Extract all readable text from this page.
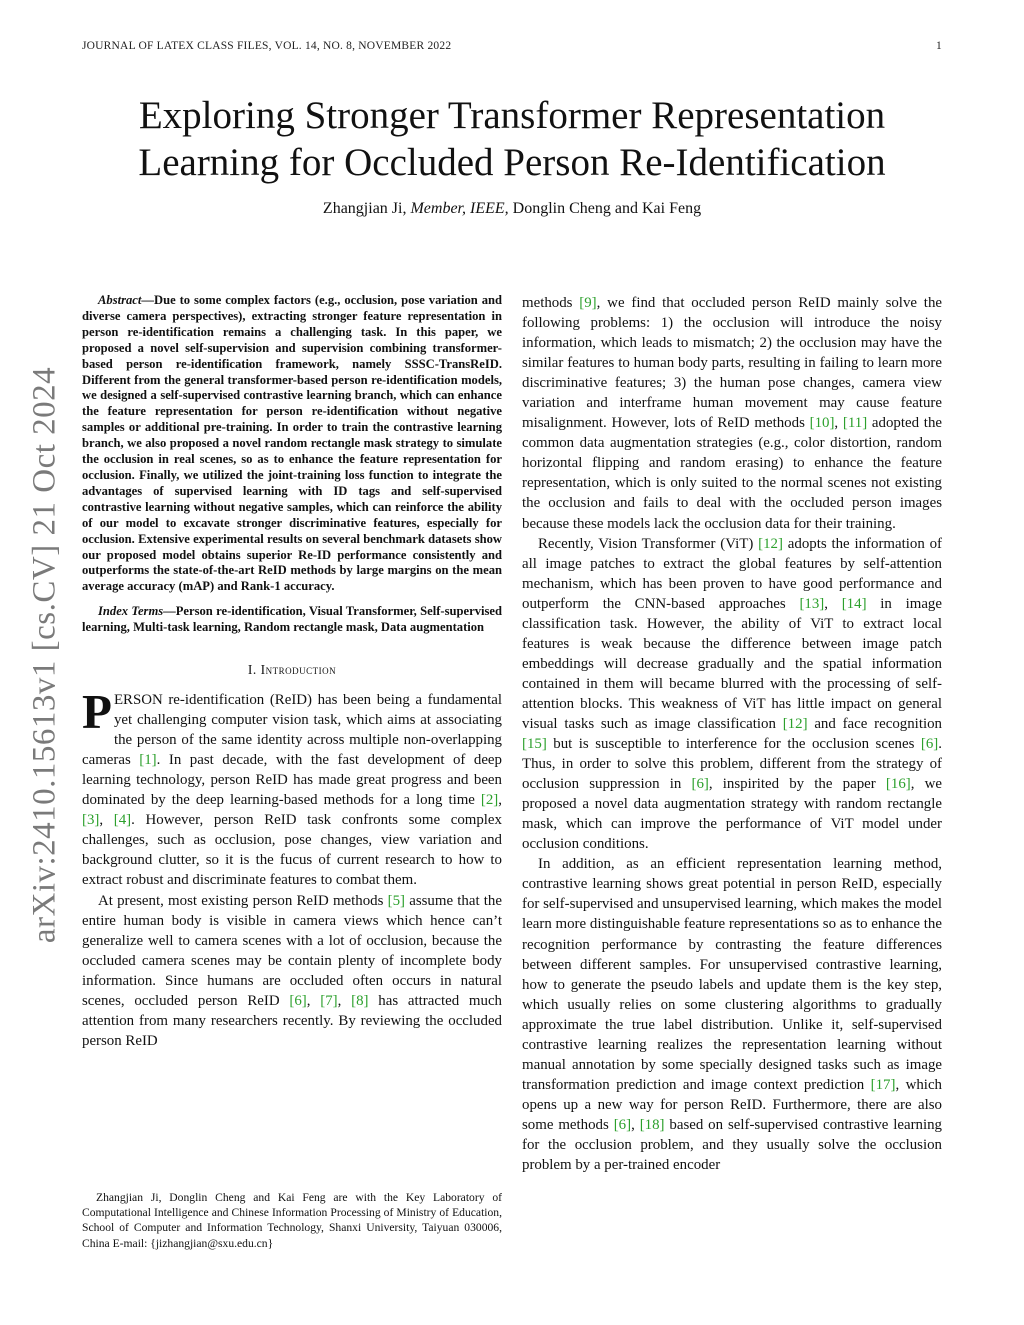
JOURNAL OF LATEX CLASS FILES, VOL. 14, NO. 8, NOVEMBER 2022	1
arXiv:2410.15613v1 [cs.CV] 21 Oct 2024
Exploring Stronger Transformer Representation
Learning for Occluded Person Re-Identification
Zhangjian Ji, Member, IEEE, Donglin Cheng and Kai Feng

Abstract—Due to some complex factors (e.g., occlusion, pose variation and diverse camera perspectives), extracting stronger feature representation in person re-identification remains a challenging task. In this paper, we proposed a novel self-supervision and supervision combining transformer-based person re-identification framework, namely SSSC-TransReID. Different from the general transformer-based person re-identification models, we designed a self-supervised contrastive learning branch, which can enhance the feature representation for person re-identification without negative samples or additional pre-training. In order to train the contrastive learning branch, we also proposed a novel random rectangle mask strategy to simulate the occlusion in real scenes, so as to enhance the feature representation for occlusion. Finally, we utilized the joint-training loss function to integrate the advantages of supervised learning with ID tags and self-supervised contrastive learning without negative samples, which can reinforce the ability of our model to excavate stronger discriminative features, especially for occlusion. Extensive experimental results on several benchmark datasets show our proposed model obtains superior Re-ID performance consistently and outperforms the state-of-the-art ReID methods by large margins on the mean average accuracy (mAP) and Rank-1 accuracy.

Index Terms—Person re-identification, Visual Transformer, Self-supervised learning, Multi-task learning, Random rectangle mask, Data augmentation

I. Introduction

PERSON re-identification (ReID) has been being a fundamental yet challenging computer vision task, which aims at associating the person of the same identity across multiple non-overlapping cameras [1]. In past decade, with the fast development of deep learning technology, person ReID has made great progress and been dominated by the deep learning-based methods for a long time [2], [3], [4]. However, person ReID task confronts some complex challenges, such as occlusion, pose changes, view variation and background clutter, so it is the fucus of current research to how to extract robust and discriminate features to combat them.

At present, most existing person ReID methods [5] assume that the entire human body is visible in camera views which hence can’t generalize well to camera scenes with a lot of occlusion, because the occluded camera scenes may be contain plenty of incomplete body information. Since humans are occluded often occurs in natural scenes, occluded person ReID [6], [7], [8] has attracted much attention from many researchers recently. By reviewing the occluded person ReID

Zhangjian Ji, Donglin Cheng and Kai Feng are with the Key Laboratory of Computational Intelligence and Chinese Information Processing of Ministry of Education, School of Computer and Information Technology, Shanxi University, Taiyuan 030006, China E-mail: {jizhangjian@sxu.edu.cn}

methods [9], we find that occluded person ReID mainly solve the following problems: 1) the occlusion will introduce the noisy information, which leads to mismatch; 2) the occlusion may have the similar features to human body parts, resulting in failing to learn more discriminative features; 3) the human pose changes, camera view variation and interframe human movement may cause feature misalignment. However, lots of ReID methods [10], [11] adopted the common data augmentation strategies (e.g., color distortion, random horizontal flipping and random erasing) to enhance the feature representation, which is only suited to the normal scenes not existing the occlusion and fails to deal with the occluded person images because these models lack the occlusion data for their training.

Recently, Vision Transformer (ViT) [12] adopts the information of all image patches to extract the global features by self-attention mechanism, which has been proven to have good performance and outperform the CNN-based approaches [13], [14] in image classification task. However, the ability of ViT to extract local features is weak because the difference between image patch embeddings will decrease gradually and the spatial information contained in them will became blurred with the processing of self-attention blocks. This weakness of ViT has little impact on general visual tasks such as image classification [12] and face recognition [15] but is susceptible to interference for the occlusion scenes [6]. Thus, in order to solve this problem, different from the strategy of occlusion suppression in [6], inspirited by the paper [16], we proposed a novel data augmentation strategy with random rectangle mask, which can improve the performance of ViT model under occlusion conditions.

In addition, as an efficient representation learning method, contrastive learning shows great potential in person ReID, especially for self-supervised and unsupervised learning, which makes the model learn more distinguishable feature representations so as to enhance the recognition performance by contrasting the feature differences between different samples. For unsupervised contrastive learning, how to generate the pseudo labels and update them is the key step, which usually relies on some clustering algorithms to gradually approximate the true label distribution. Unlike it, self-supervised contrastive learning realizes the representation learning without manual annotation by some specially designed tasks such as image transformation prediction and image context prediction [17], which opens up a new way for person ReID. Furthermore, there are also some methods [6], [18] based on self-supervised contrastive learning for the occlusion problem, and they usually solve the occlusion problem by a per-trained encoder
